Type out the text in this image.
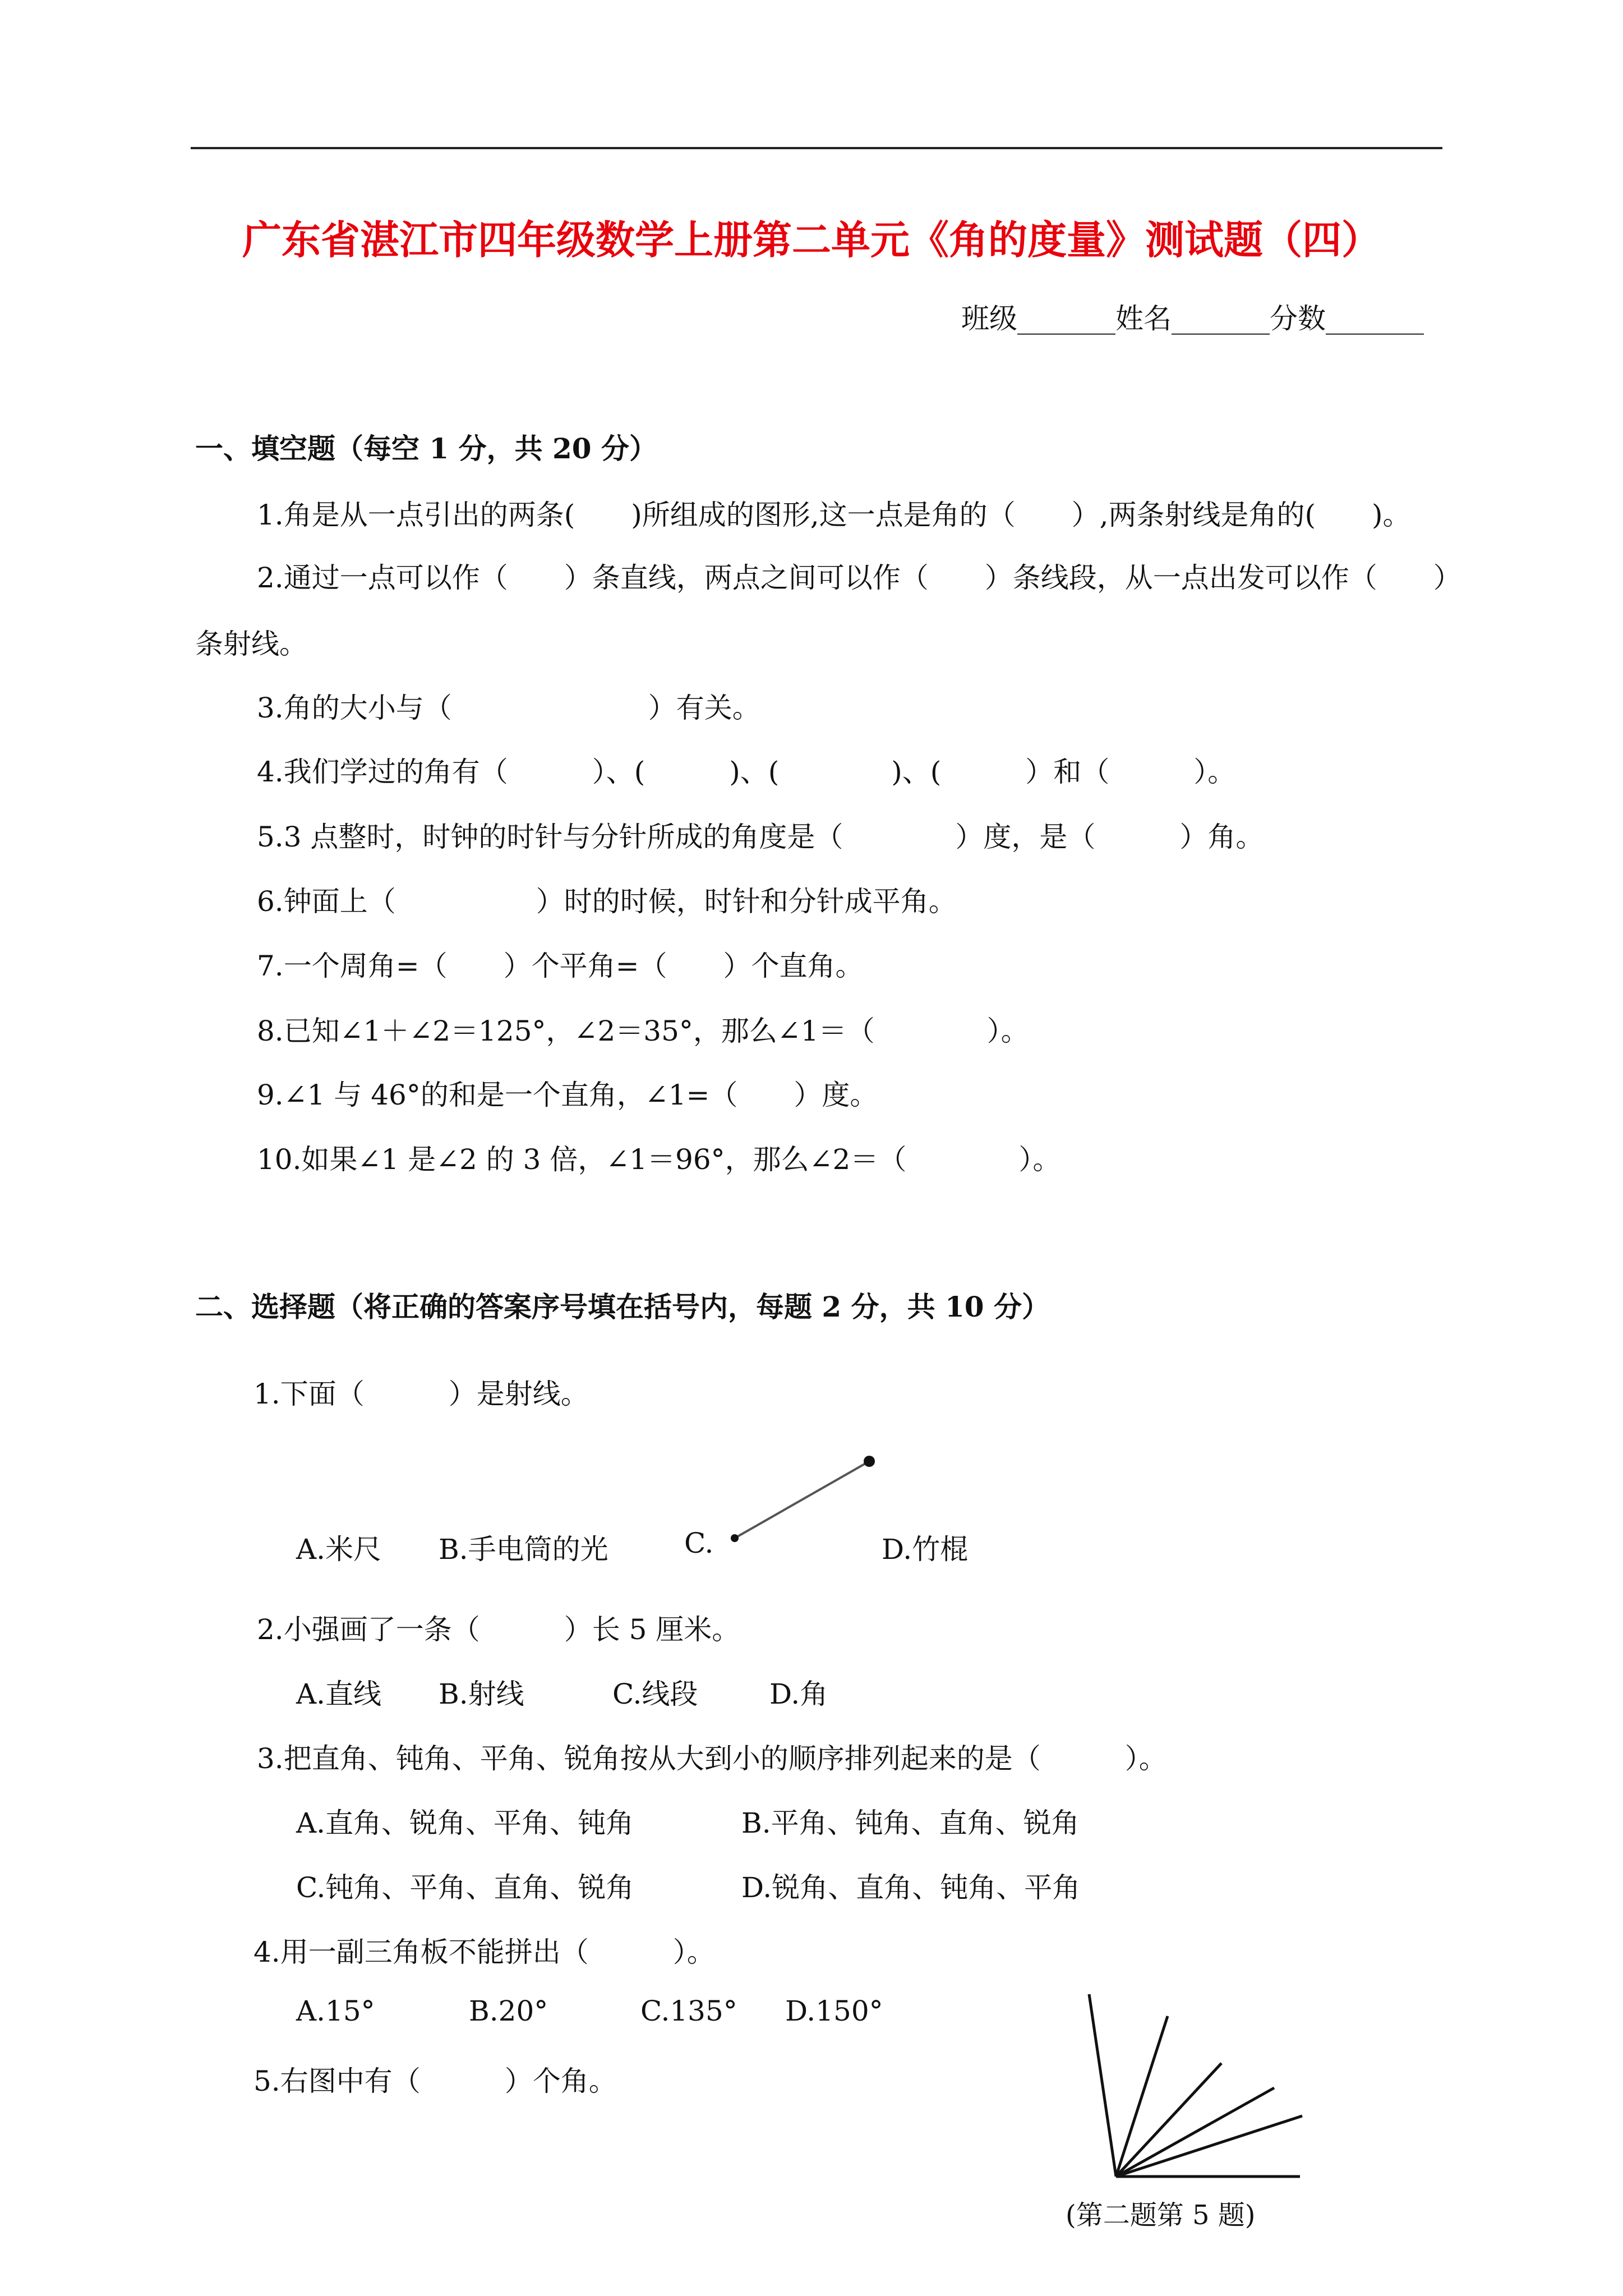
广东省湛江市四年级数学上册第二单元《角的度量》测试题（四）
班级_______姓名_______分数_______
一、填空题（每空 1 分，共 20 分）
1.角是从一点引出的两条(　　)所组成的图形,这一点是角的（　　）,两条射线是角的(　　)。
2.通过一点可以作（　　）条直线，两点之间可以作（　　）条线段，从一点出发可以作（　　）
条射线。
3.角的大小与（　　　　　　　）有关。
4.我们学过的角有（　　　）、(　　　)、(　　　　)、(　　　）和（　　　）。
5.3 点整时，时钟的时针与分针所成的角度是（　　　　）度，是（　　　）角。
6.钟面上（　　　　　）时的时候，时针和分针成平角。
7.一个周角=（　　）个平角=（　　）个直角。
8.已知∠1＋∠2＝125°，∠2＝35°，那么∠1＝（　　　　）。
9.∠1 与 46°的和是一个直角，∠1=（　　）度。
10.如果∠1 是∠2 的 3 倍，∠1＝96°，那么∠2＝（　　　　）。
二、选择题（将正确的答案序号填在括号内，每题 2 分，共 10 分）
1.下面（　　　）是射线。
A.米尺 B.手电筒的光	C.	D.竹棍
2.小强画了一条（　　　）长 5 厘米。
A.直线 B.射线	C.线段	D.角
3.把直角、钝角、平角、锐角按从大到小的顺序排列起来的是（　　　）。
A.直角、锐角、平角、钝角	B.平角、钝角、直角、锐角
C.钝角、平角、直角、锐角	D.锐角、直角、钝角、平角
4.用一副三角板不能拼出（　　　）。
A.15°	B.20°	C.135° D.150°
5.右图中有（　　　）个角。
(第二题第 5 题)
